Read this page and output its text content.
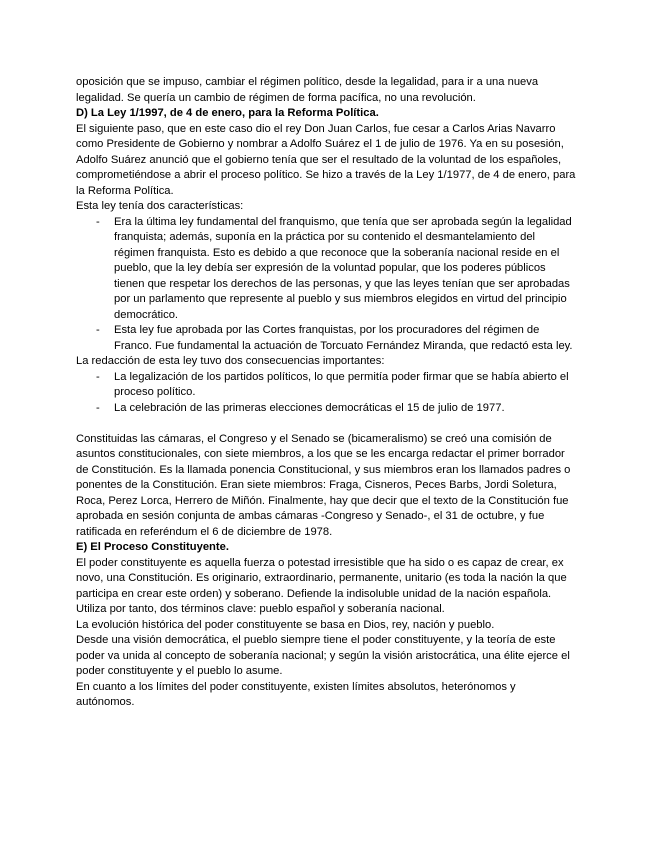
oposición que se impuso, cambiar el régimen político, desde la legalidad, para ir a una nueva legalidad. Se quería un cambio de régimen de forma pacífica, no una revolución.

D) La Ley 1/1997, de 4 de enero, para la Reforma Política.

El siguiente paso, que en este caso dio el rey Don Juan Carlos, fue cesar a Carlos Arias Navarro como Presidente de Gobierno y nombrar a Adolfo Suárez el 1 de julio de 1976. Ya en su posesión, Adolfo Suárez anunció que el gobierno tenía que ser el resultado de la voluntad de los españoles, comprometiéndose a abrir el proceso político. Se hizo a través de la Ley 1/1977, de 4 de enero, para la Reforma Política.

Esta ley tenía dos características:

- Era la última ley fundamental del franquismo, que tenía que ser aprobada según la legalidad franquista; además, suponía en la práctica por su contenido el desmantelamiento del régimen franquista. Esto es debido a que reconoce que la soberanía nacional reside en el pueblo, que la ley debía ser expresión de la voluntad popular, que los poderes públicos tienen que respetar los derechos de las personas, y que las leyes tenían que ser aprobadas por un parlamento que represente al pueblo y sus miembros elegidos en virtud del principio democrático.
- Esta ley fue aprobada por las Cortes franquistas, por los procuradores del régimen de Franco. Fue fundamental la actuación de Torcuato Fernández Miranda, que redactó esta ley.

La redacción de esta ley tuvo dos consecuencias importantes:

- La legalización de los partidos políticos, lo que permitía poder firmar que se había abierto el proceso político.
- La celebración de las primeras elecciones democráticas el 15 de julio de 1977.

Constituidas las cámaras, el Congreso y el Senado se (bicameralismo) se creó una comisión de asuntos constitucionales, con siete miembros, a los que se les encarga redactar el primer borrador de Constitución. Es la llamada ponencia Constitucional, y sus miembros eran los llamados padres o ponentes de la Constitución. Eran siete miembros: Fraga, Cisneros, Peces Barbs, Jordi Soletura, Roca, Perez Lorca, Herrero de Miñón. Finalmente, hay que decir que el texto de la Constitución fue aprobada en sesión conjunta de ambas cámaras -Congreso y Senado-, el 31 de octubre, y fue ratificada en referéndum el 6 de diciembre de 1978.

E) El Proceso Constituyente.

El poder constituyente es aquella fuerza o potestad irresistible que ha sido o es capaz de crear, ex novo, una Constitución. Es originario, extraordinario, permanente, unitario (es toda la nación la que participa en crear este orden) y soberano. Defiende la indisoluble unidad de la nación española. Utiliza por tanto, dos términos clave: pueblo español y soberanía nacional.

La evolución histórica del poder constituyente se basa en Dios, rey, nación y pueblo.

Desde una visión democrática, el pueblo siempre tiene el poder constituyente, y la teoría de este poder va unida al concepto de soberanía nacional; y según la visión aristocrática, una élite ejerce el poder constituyente y el pueblo lo asume.

En cuanto a los límites del poder constituyente, existen límites absolutos, heterónomos y autónomos.
